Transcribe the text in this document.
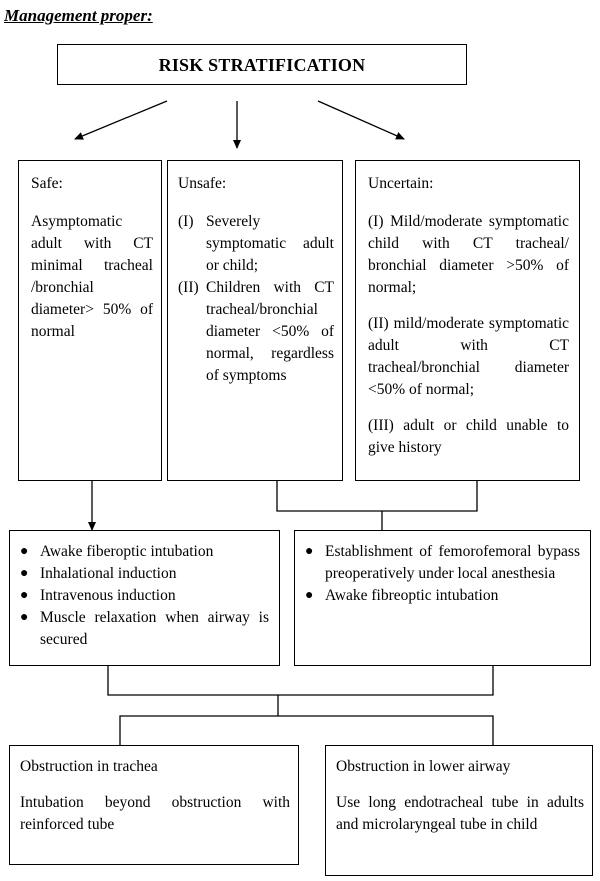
Management proper:
RISK STRATIFICATION
Safe:
Asymptomatic adult with CT minimal tracheal /bronchial diameter> 50% of normal
Unsafe:
(I) Severely symptomatic adult or child;
(II) Children with CT tracheal/bronchial diameter <50% of normal, regardless of symptoms
Uncertain:
(I) Mild/moderate symptomatic child with CT tracheal/ bronchial diameter >50% of normal;
(II) mild/moderate symptomatic adult with CT tracheal/bronchial diameter <50% of normal;
(III) adult or child unable to give history
● Awake fiberoptic intubation
● Inhalational induction
● Intravenous induction
● Muscle relaxation when airway is secured
● Establishment of femorofemoral bypass preoperatively under local anesthesia
● Awake fibreoptic intubation
Obstruction in trachea
Intubation beyond obstruction with reinforced tube
Obstruction in lower airway
Use long endotracheal tube in adults and microlaryngeal tube in child
